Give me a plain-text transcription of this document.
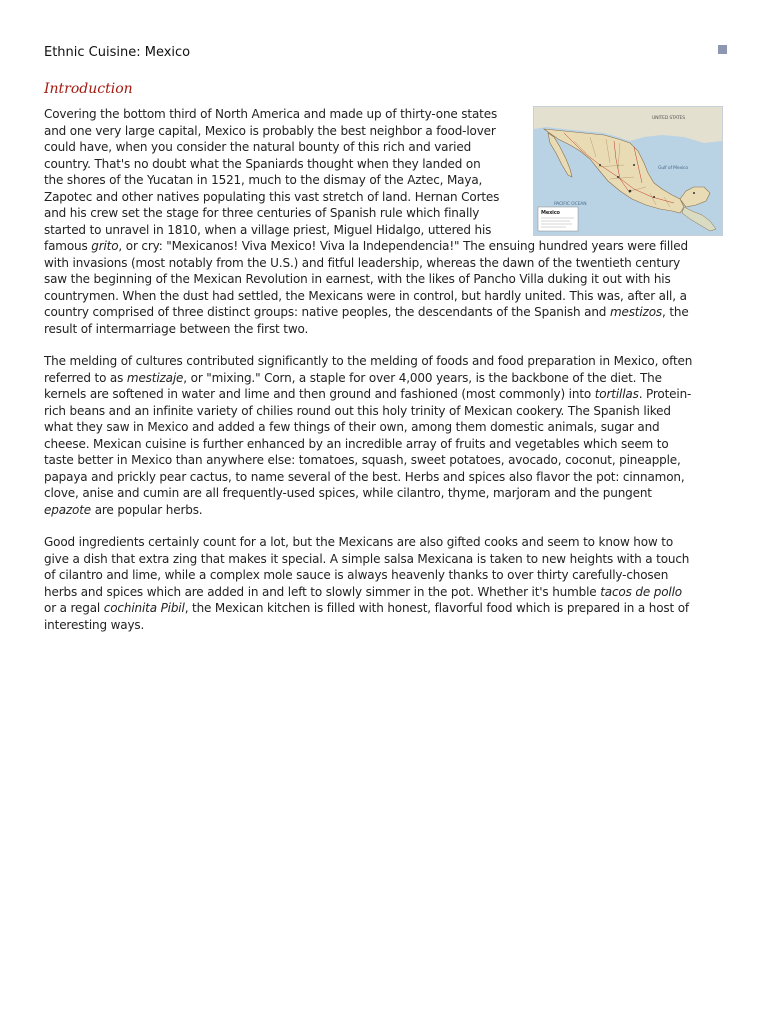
Ethnic Cuisine: Mexico
Introduction
UNITED STATES
Gulf of Mexico
PACIFIC OCEAN
Mexico
Covering the bottom third of North America and made up of thirty-one states
and one very large capital, Mexico is probably the best neighbor a food-lover
could have, when you consider the natural bounty of this rich and varied
country. That's no doubt what the Spaniards thought when they landed on
the shores of the Yucatan in 1521, much to the dismay of the Aztec, Maya,
Zapotec and other natives populating this vast stretch of land. Hernan Cortes
and his crew set the stage for three centuries of Spanish rule which finally
started to unravel in 1810, when a village priest, Miguel Hidalgo, uttered his
famous grito, or cry: "Mexicanos! Viva Mexico! Viva la Independencia!" The ensuing hundred years were filled
with invasions (most notably from the U.S.) and fitful leadership, whereas the dawn of the twentieth century
saw the beginning of the Mexican Revolution in earnest, with the likes of Pancho Villa duking it out with his
countrymen. When the dust had settled, the Mexicans were in control, but hardly united. This was, after all, a
country comprised of three distinct groups: native peoples, the descendants of the Spanish and mestizos, the
result of intermarriage between the first two.
The melding of cultures contributed significantly to the melding of foods and food preparation in Mexico, often
referred to as mestizaje, or "mixing." Corn, a staple for over 4,000 years, is the backbone of the diet. The
kernels are softened in water and lime and then ground and fashioned (most commonly) into tortillas. Protein-
rich beans and an infinite variety of chilies round out this holy trinity of Mexican cookery. The Spanish liked
what they saw in Mexico and added a few things of their own, among them domestic animals, sugar and
cheese. Mexican cuisine is further enhanced by an incredible array of fruits and vegetables which seem to
taste better in Mexico than anywhere else: tomatoes, squash, sweet potatoes, avocado, coconut, pineapple,
papaya and prickly pear cactus, to name several of the best. Herbs and spices also flavor the pot: cinnamon,
clove, anise and cumin are all frequently-used spices, while cilantro, thyme, marjoram and the pungent
epazote are popular herbs.
Good ingredients certainly count for a lot, but the Mexicans are also gifted cooks and seem to know how to
give a dish that extra zing that makes it special. A simple salsa Mexicana is taken to new heights with a touch
of cilantro and lime, while a complex mole sauce is always heavenly thanks to over thirty carefully-chosen
herbs and spices which are added in and left to slowly simmer in the pot. Whether it's humble tacos de pollo
or a regal cochinita Pibil, the Mexican kitchen is filled with honest, flavorful food which is prepared in a host of
interesting ways.
